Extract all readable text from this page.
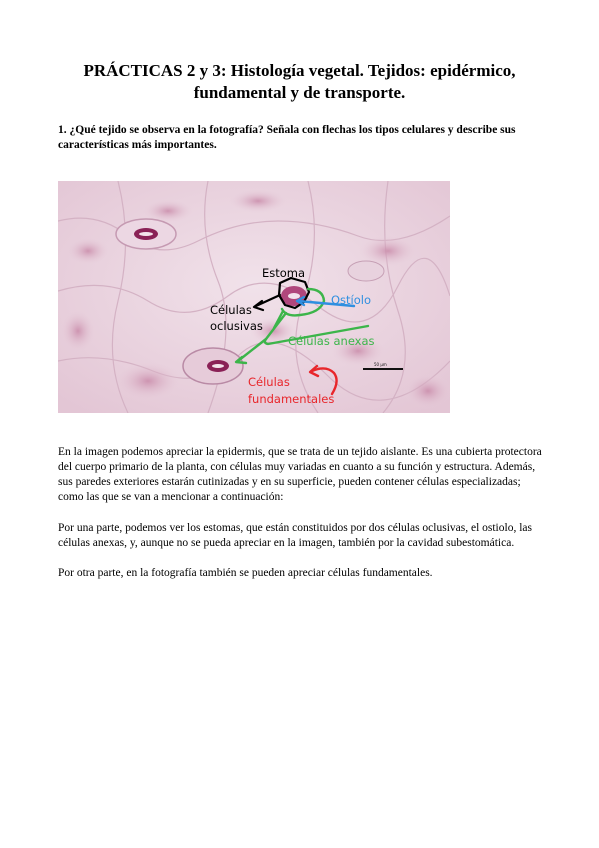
PRÁCTICAS 2 y 3: Histología vegetal. Tejidos: epidérmico, fundamental y de transporte.
1. ¿Qué tejido se observa en la fotografía? Señala con flechas los tipos celulares y describe sus características más importantes.
50 µm
Estoma
Células
oclusivas
Ostíolo
Células anexas
Células
fundamentales
En la imagen podemos apreciar la epidermis, que se trata de un tejido aislante. Es una cubierta protectora del cuerpo primario de la planta, con células muy variadas en cuanto a su función y estructura. Además, sus paredes exteriores estarán cutinizadas y en su superficie, pueden contener células especializadas; como las que se van a mencionar a continuación:
Por una parte, podemos ver los estomas, que están constituidos por dos células oclusivas, el ostiolo, las células anexas, y, aunque no se pueda apreciar en la imagen, también por la cavidad subestomática.
Por otra parte, en la fotografía también se pueden apreciar células fundamentales.
